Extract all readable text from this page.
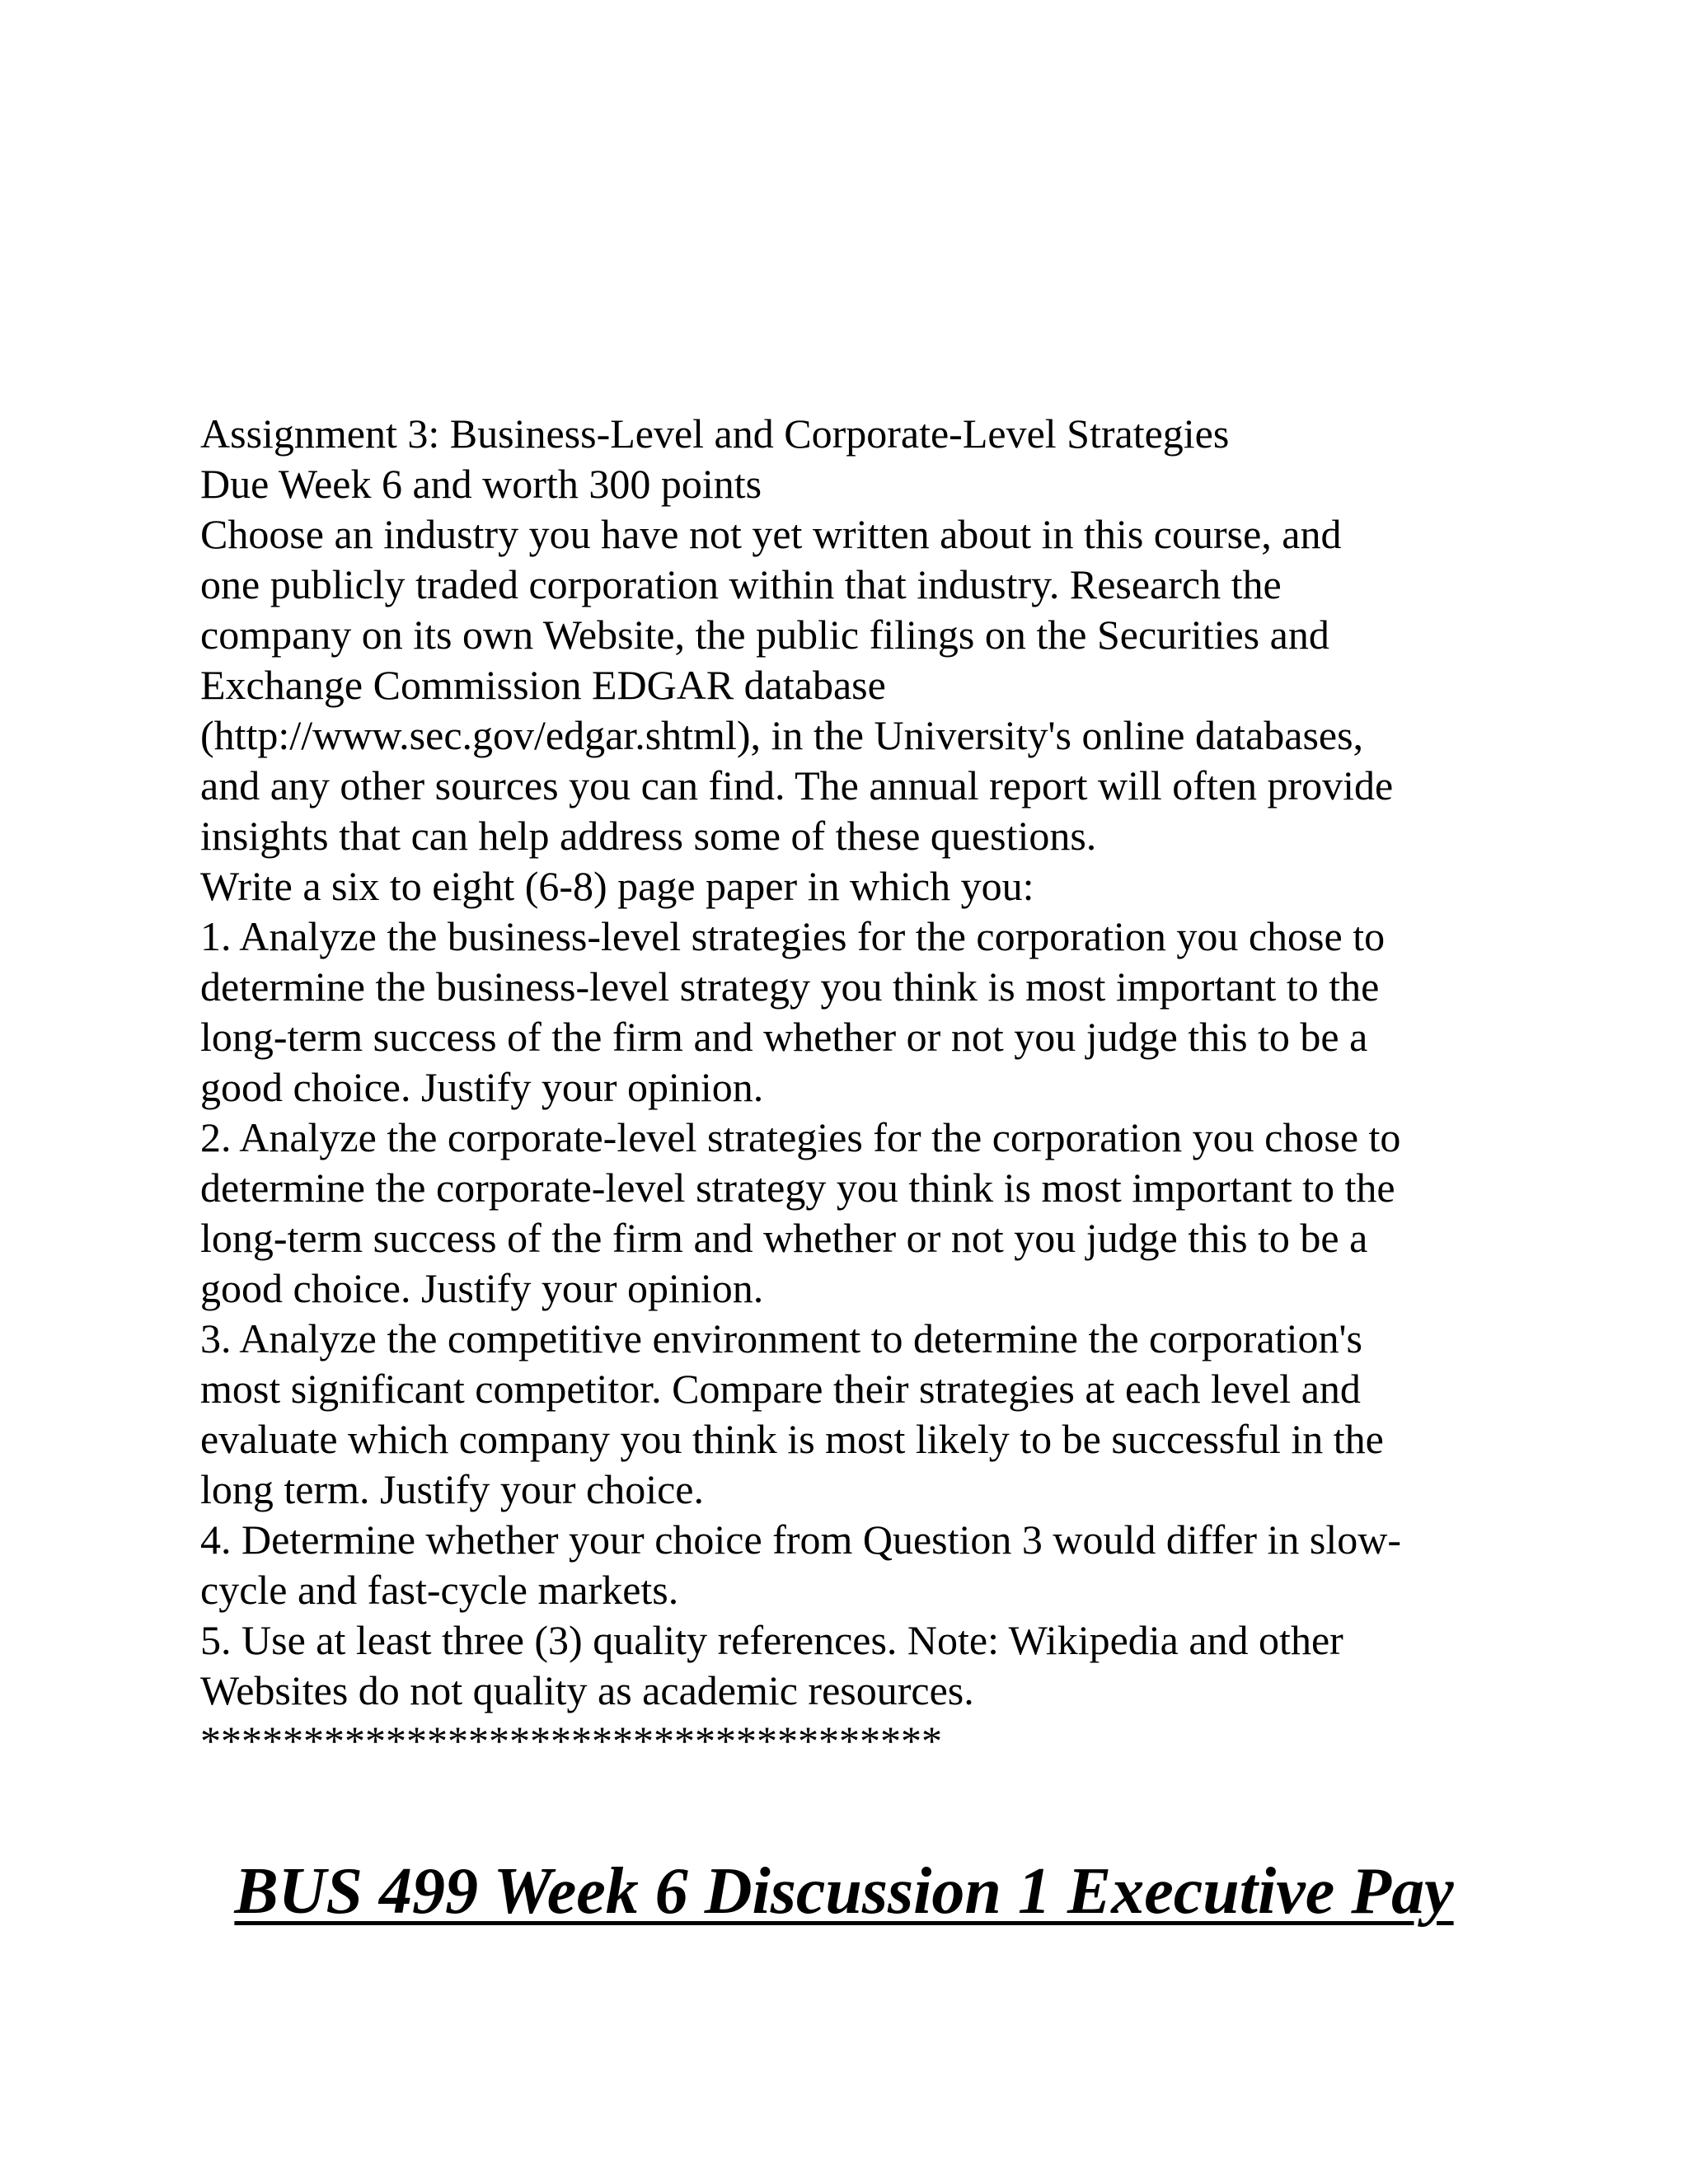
Assignment 3: Business-Level and Corporate-Level Strategies
Due Week 6 and worth 300 points
Choose an industry you have not yet written about in this course, and
one publicly traded corporation within that industry. Research the
company on its own Website, the public filings on the Securities and
Exchange Commission EDGAR database
(http://www.sec.gov/edgar.shtml), in the University's online databases,
and any other sources you can find. The annual report will often provide
insights that can help address some of these questions.
Write a six to eight (6-8) page paper in which you:
1. Analyze the business-level strategies for the corporation you chose to
determine the business-level strategy you think is most important to the
long-term success of the firm and whether or not you judge this to be a
good choice. Justify your opinion.
2. Analyze the corporate-level strategies for the corporation you chose to
determine the corporate-level strategy you think is most important to the
long-term success of the firm and whether or not you judge this to be a
good choice. Justify your opinion.
3. Analyze the competitive environment to determine the corporation's
most significant competitor. Compare their strategies at each level and
evaluate which company you think is most likely to be successful in the
long term. Justify your choice.
4. Determine whether your choice from Question 3 would differ in slow-
cycle and fast-cycle markets.
5. Use at least three (3) quality references. Note: Wikipedia and other
Websites do not quality as academic resources.
************************************
BUS 499 Week 6 Discussion 1 Executive Pay
